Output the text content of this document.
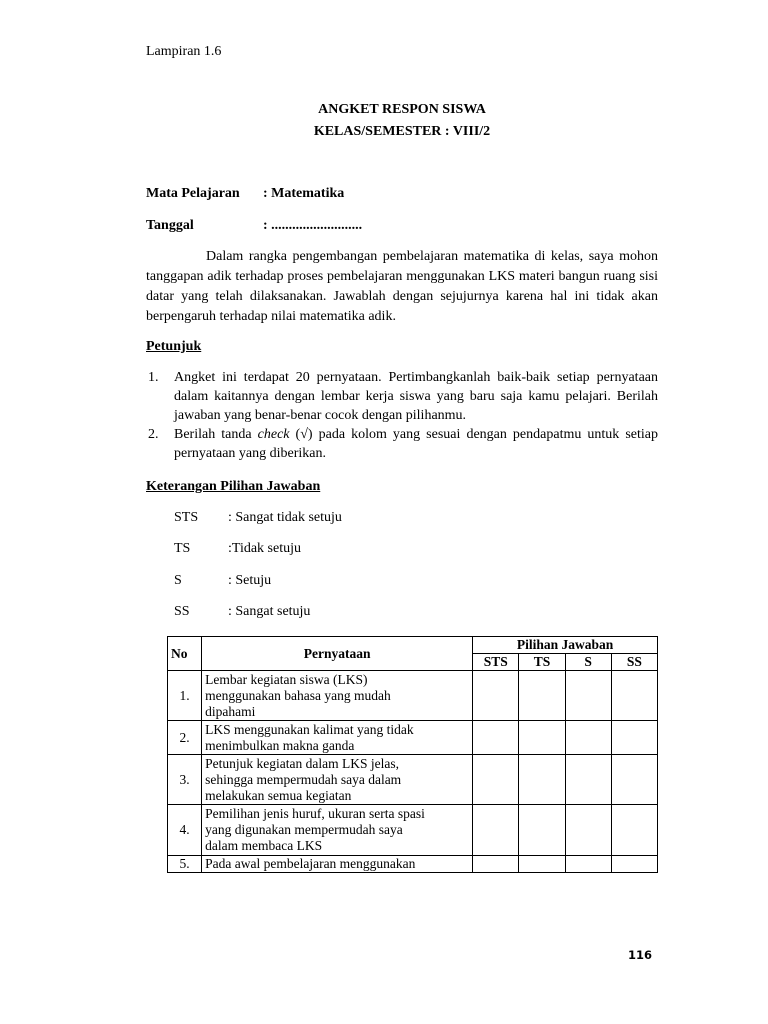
Lampiran 1.6
ANGKET RESPON SISWA
KELAS/SEMESTER : VIII/2
Mata Pelajaran : Matematika
Tanggal	: ..........................
Dalam rangka pengembangan pembelajaran matematika di kelas, saya mohon tanggapan adik terhadap proses pembelajaran menggunakan LKS materi bangun ruang sisi datar yang telah dilaksanakan. Jawablah dengan sejujurnya karena hal ini tidak akan berpengaruh terhadap nilai matematika adik.
Petunjuk
1. Angket ini terdapat 20 pernyataan. Pertimbangkanlah baik-baik setiap pernyataan dalam kaitannya dengan lembar kerja siswa yang baru saja kamu pelajari. Berilah jawaban yang benar-benar cocok dengan pilihanmu.
2. Berilah tanda check (√) pada kolom yang sesuai dengan pendapatmu untuk setiap pernyataan yang diberikan.
Keterangan Pilihan Jawaban
STS : Sangat tidak setuju
TS	:Tidak setuju
S	: Setuju
SS	: Sangat setuju
No	Pernyataan	Pilihan Jawaban			
		STS	TS	S	SS
1.	Lembar kegiatan siswa (LKS)
menggunakan bahasa yang mudah
dipahami				

2.	LKS menggunakan kalimat yang tidak
menimbulkan makna ganda				

3.	Petunjuk kegiatan dalam LKS jelas,
sehingga mempermudah saya dalam
melakukan semua kegiatan				

4.	Pemilihan jenis huruf, ukuran serta spasi
yang digunakan mempermudah saya
dalam membaca LKS				

5.	Pada awal pembelajaran menggunakan				

116
